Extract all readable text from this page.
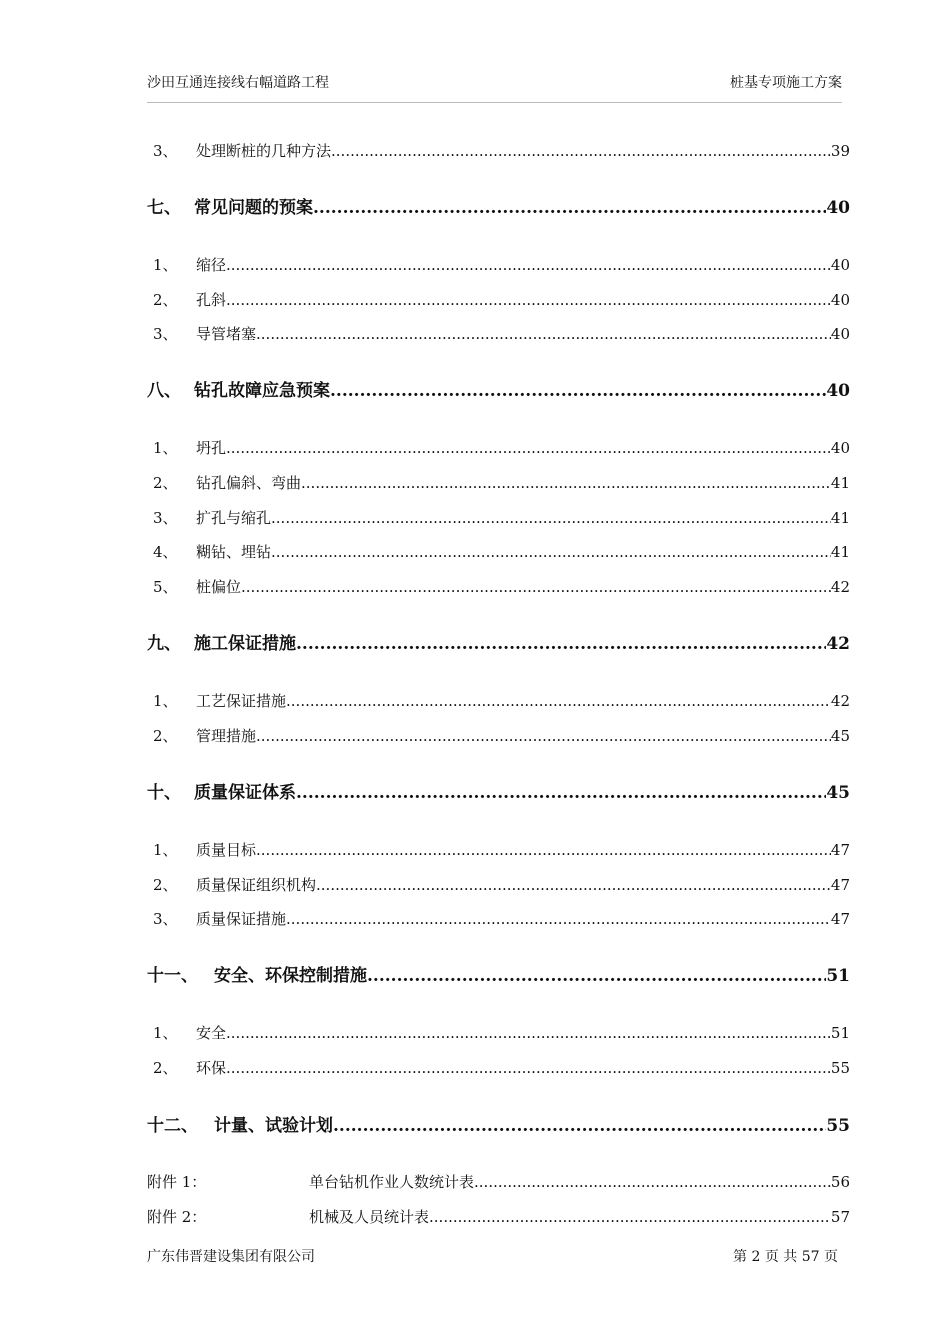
沙田互通连接线右幅道路工程	桩基专项施工方案
3、	处理断桩的几种方法 .....	39
七、 常见问题的预案 .....	40
1、	缩径 .....	40
2、	孔斜 .....	40
3、	导管堵塞 .....	40
八、 钻孔故障应急预案 .....	40
1、	坍孔 .....	40
2、	钻孔偏斜、弯曲 .....	41
3、	扩孔与缩孔 .....	41
4、	糊钻、埋钻 .....	41
5、	桩偏位 .....	42
九、 施工保证措施 .....	42
1、	工艺保证措施 .....	42
2、	管理措施 .....	45
十、 质量保证体系 .....	45
1、	质量目标 .....	47
2、	质量保证组织机构 .....	47
3、	质量保证措施 .....	47
十一、 安全、环保控制措施 .....	51
1、	安全 .....	51
2、	环保 .....	55
十二、 计量、试验计划 .....	55
附件 1：	单台钻机作业人数统计表 .....	56
附件 2：	机械及人员统计表 .....	57
广东伟晋建设集团有限公司	第 2 页 共 57 页
